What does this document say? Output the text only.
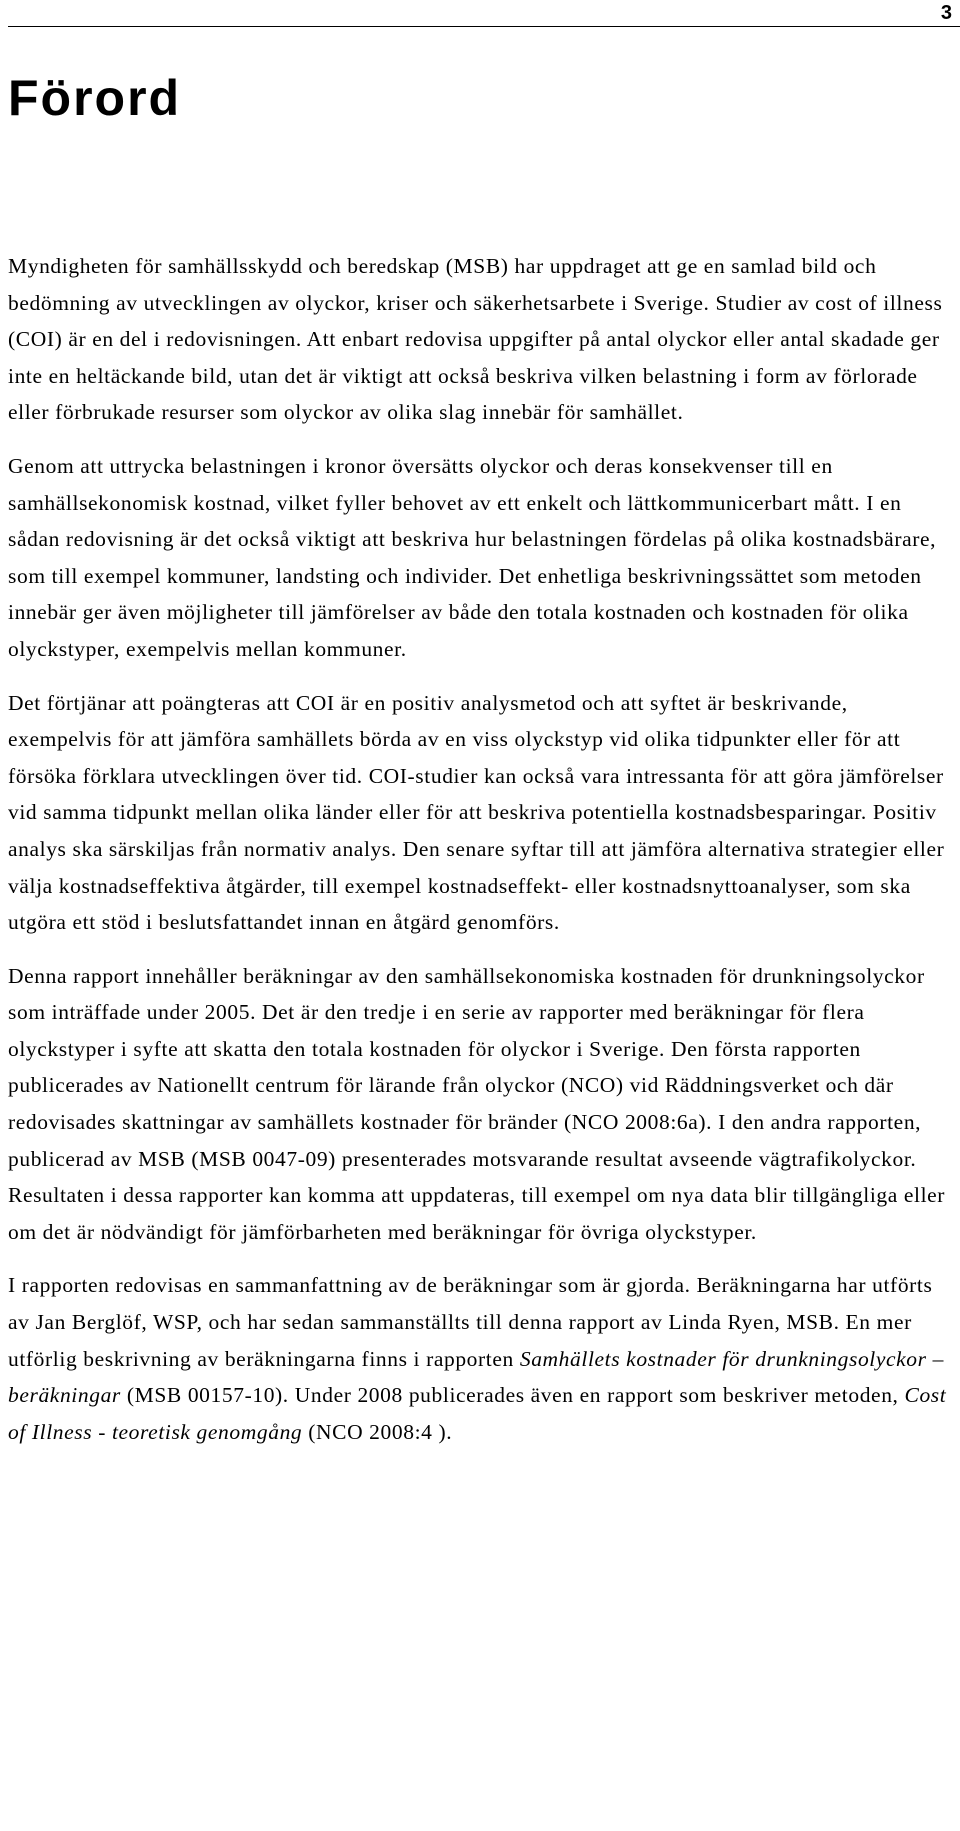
3
Förord

Myndigheten för samhällsskydd och beredskap (MSB) har uppdraget att ge en samlad bild och bedömning av utvecklingen av olyckor, kriser och säkerhetsarbete i Sverige. Studier av cost of illness (COI) är en del i redovisningen. Att enbart redovisa uppgifter på antal olyckor eller antal skadade ger inte en heltäckande bild, utan det är viktigt att också beskriva vilken belastning i form av förlorade eller förbrukade resurser som olyckor av olika slag innebär för samhället.

Genom att uttrycka belastningen i kronor översätts olyckor och deras konsekvenser till en samhällsekonomisk kostnad, vilket fyller behovet av ett enkelt och lättkommunicerbart mått. I en sådan redovisning är det också viktigt att beskriva hur belastningen fördelas på olika kostnadsbärare, som till exempel kommuner, landsting och individer. Det enhetliga beskrivningssättet som metoden innebär ger även möjligheter till jämförelser av både den totala kostnaden och kostnaden för olika olyckstyper, exempelvis mellan kommuner.

Det förtjänar att poängteras att COI är en positiv analysmetod och att syftet är beskrivande, exempelvis för att jämföra samhällets börda av en viss olyckstyp vid olika tidpunkter eller för att försöka förklara utvecklingen över tid. COI-studier kan också vara intressanta för att göra jämförelser vid samma tidpunkt mellan olika länder eller för att beskriva potentiella kostnadsbesparingar. Positiv analys ska särskiljas från normativ analys. Den senare syftar till att jämföra alternativa strategier eller välja kostnadseffektiva åtgärder, till exempel kostnadseffekt- eller kostnadsnyttoanalyser, som ska utgöra ett stöd i beslutsfattandet innan en åtgärd genomförs.

Denna rapport innehåller beräkningar av den samhällsekonomiska kostnaden för drunkningsolyckor som inträffade under 2005. Det är den tredje i en serie av rapporter med beräkningar för flera olyckstyper i syfte att skatta den totala kostnaden för olyckor i Sverige. Den första rapporten publicerades av Nationellt centrum för lärande från olyckor (NCO) vid Räddningsverket och där redovisades skattningar av samhällets kostnader för bränder (NCO 2008:6a). I den andra rapporten, publicerad av MSB (MSB 0047-09) presenterades motsvarande resultat avseende vägtrafikolyckor. Resultaten i dessa rapporter kan komma att uppdateras, till exempel om nya data blir tillgängliga eller om det är nödvändigt för jämförbarheten med beräkningar för övriga olyckstyper.

I rapporten redovisas en sammanfattning av de beräkningar som är gjorda. Beräkningarna har utförts av Jan Berglöf, WSP, och har sedan sammanställts till denna rapport av Linda Ryen, MSB. En mer utförlig beskrivning av beräkningarna finns i rapporten Samhällets kostnader för drunkningsolyckor – beräkningar (MSB 00157-10). Under 2008 publicerades även en rapport som beskriver metoden, Cost of Illness - teoretisk genomgång (NCO 2008:4 ).
